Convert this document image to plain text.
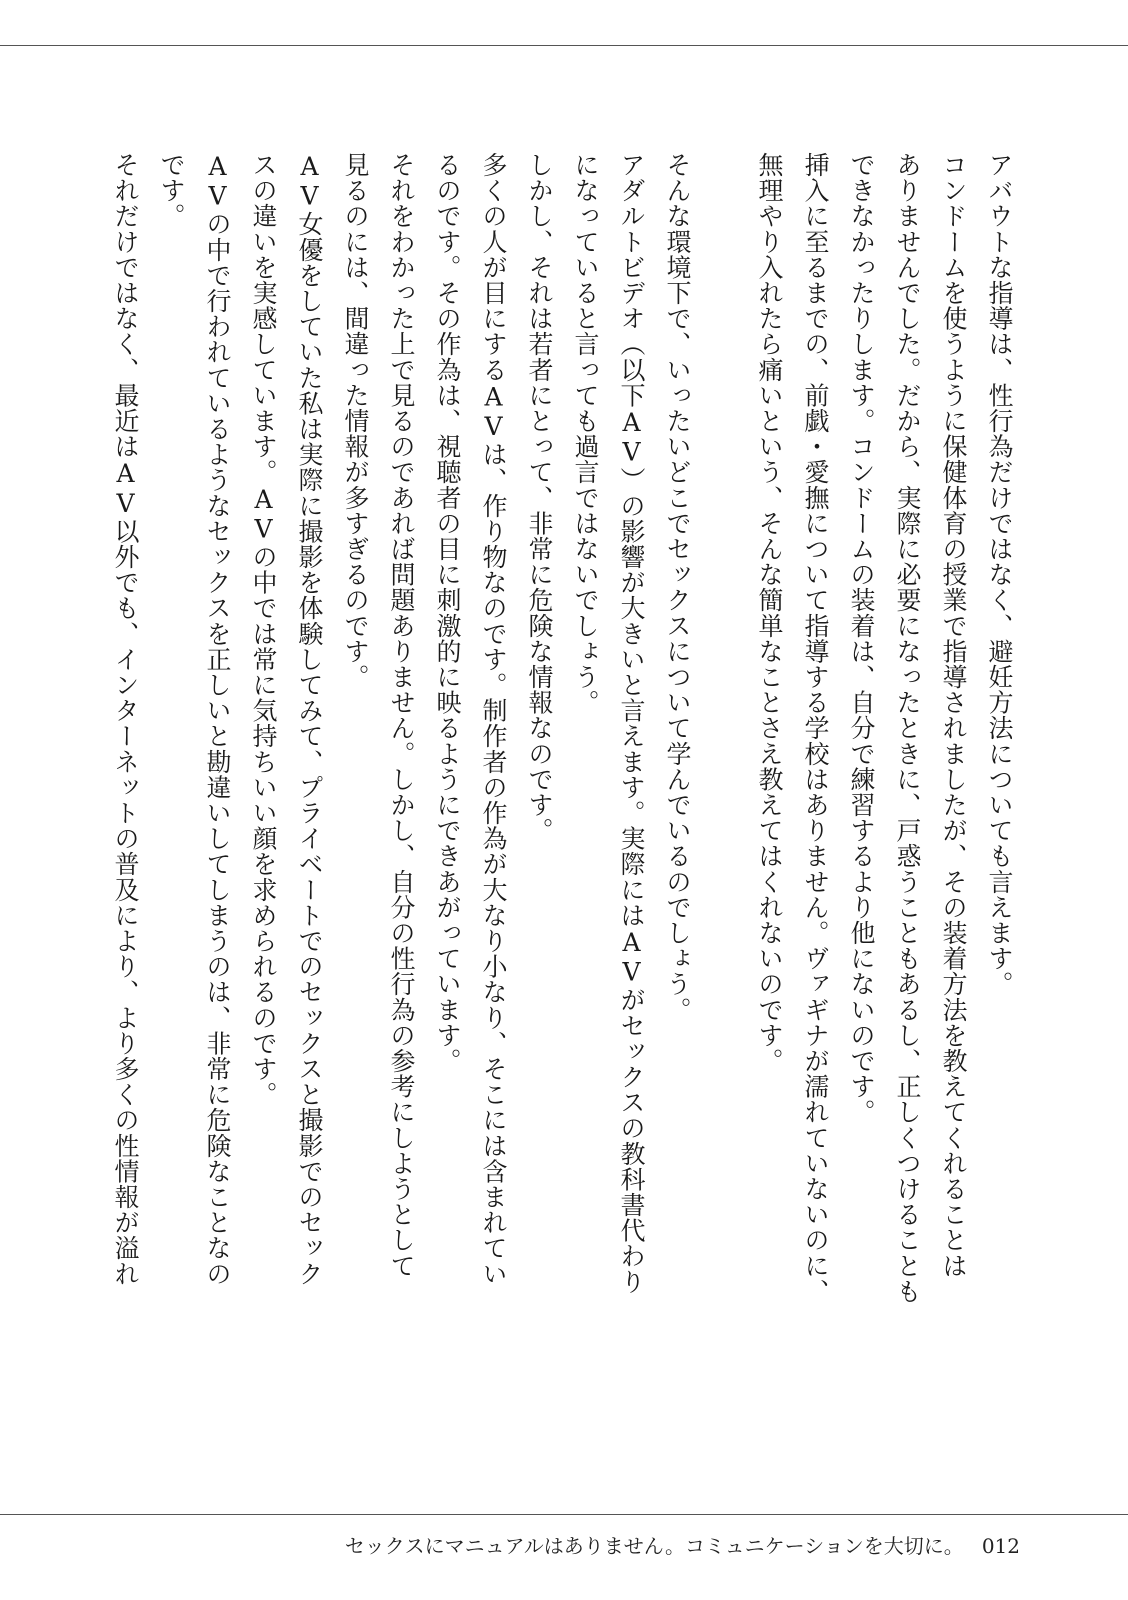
アバウトな指導は、性行為だけではなく、避妊方法についても言えます。
コンドームを使うように保健体育の授業で指導されましたが、その装着方法を教えてくれることは
ありませんでした。だから、実際に必要になったときに、戸惑うこともあるし、正しくつけることも
できなかったりします。コンドームの装着は、自分で練習するより他にないのです。
挿入に至るまでの、前戯・愛撫について指導する学校はありません。ヴァギナが濡れていないのに、
無理やり入れたら痛いという、そんな簡単なことさえ教えてはくれないのです。
そんな環境下で、いったいどこでセックスについて学んでいるのでしょう。
アダルトビデオ（以下AV）の影響が大きいと言えます。実際にはAVがセックスの教科書代わり
になっていると言っても過言ではないでしょう。
しかし、それは若者にとって、非常に危険な情報なのです。
多くの人が目にするAVは、作り物なのです。制作者の作為が大なり小なり、そこには含まれてい
るのです。その作為は、視聴者の目に刺激的に映るようにできあがっています。
それをわかった上で見るのであれば問題ありません。しかし、自分の性行為の参考にしようとして
見るのには、間違った情報が多すぎるのです。
AV女優をしていた私は実際に撮影を体験してみて、プライベートでのセックスと撮影でのセック
スの違いを実感しています。AVの中では常に気持ちいい顔を求められるのです。
AVの中で行われているようなセックスを正しいと勘違いしてしまうのは、非常に危険なことなの
です。
それだけではなく、最近はAV以外でも、インターネットの普及により、より多くの性情報が溢れ
セックスにマニュアルはありません。コミュニケーションを大切に。 012
